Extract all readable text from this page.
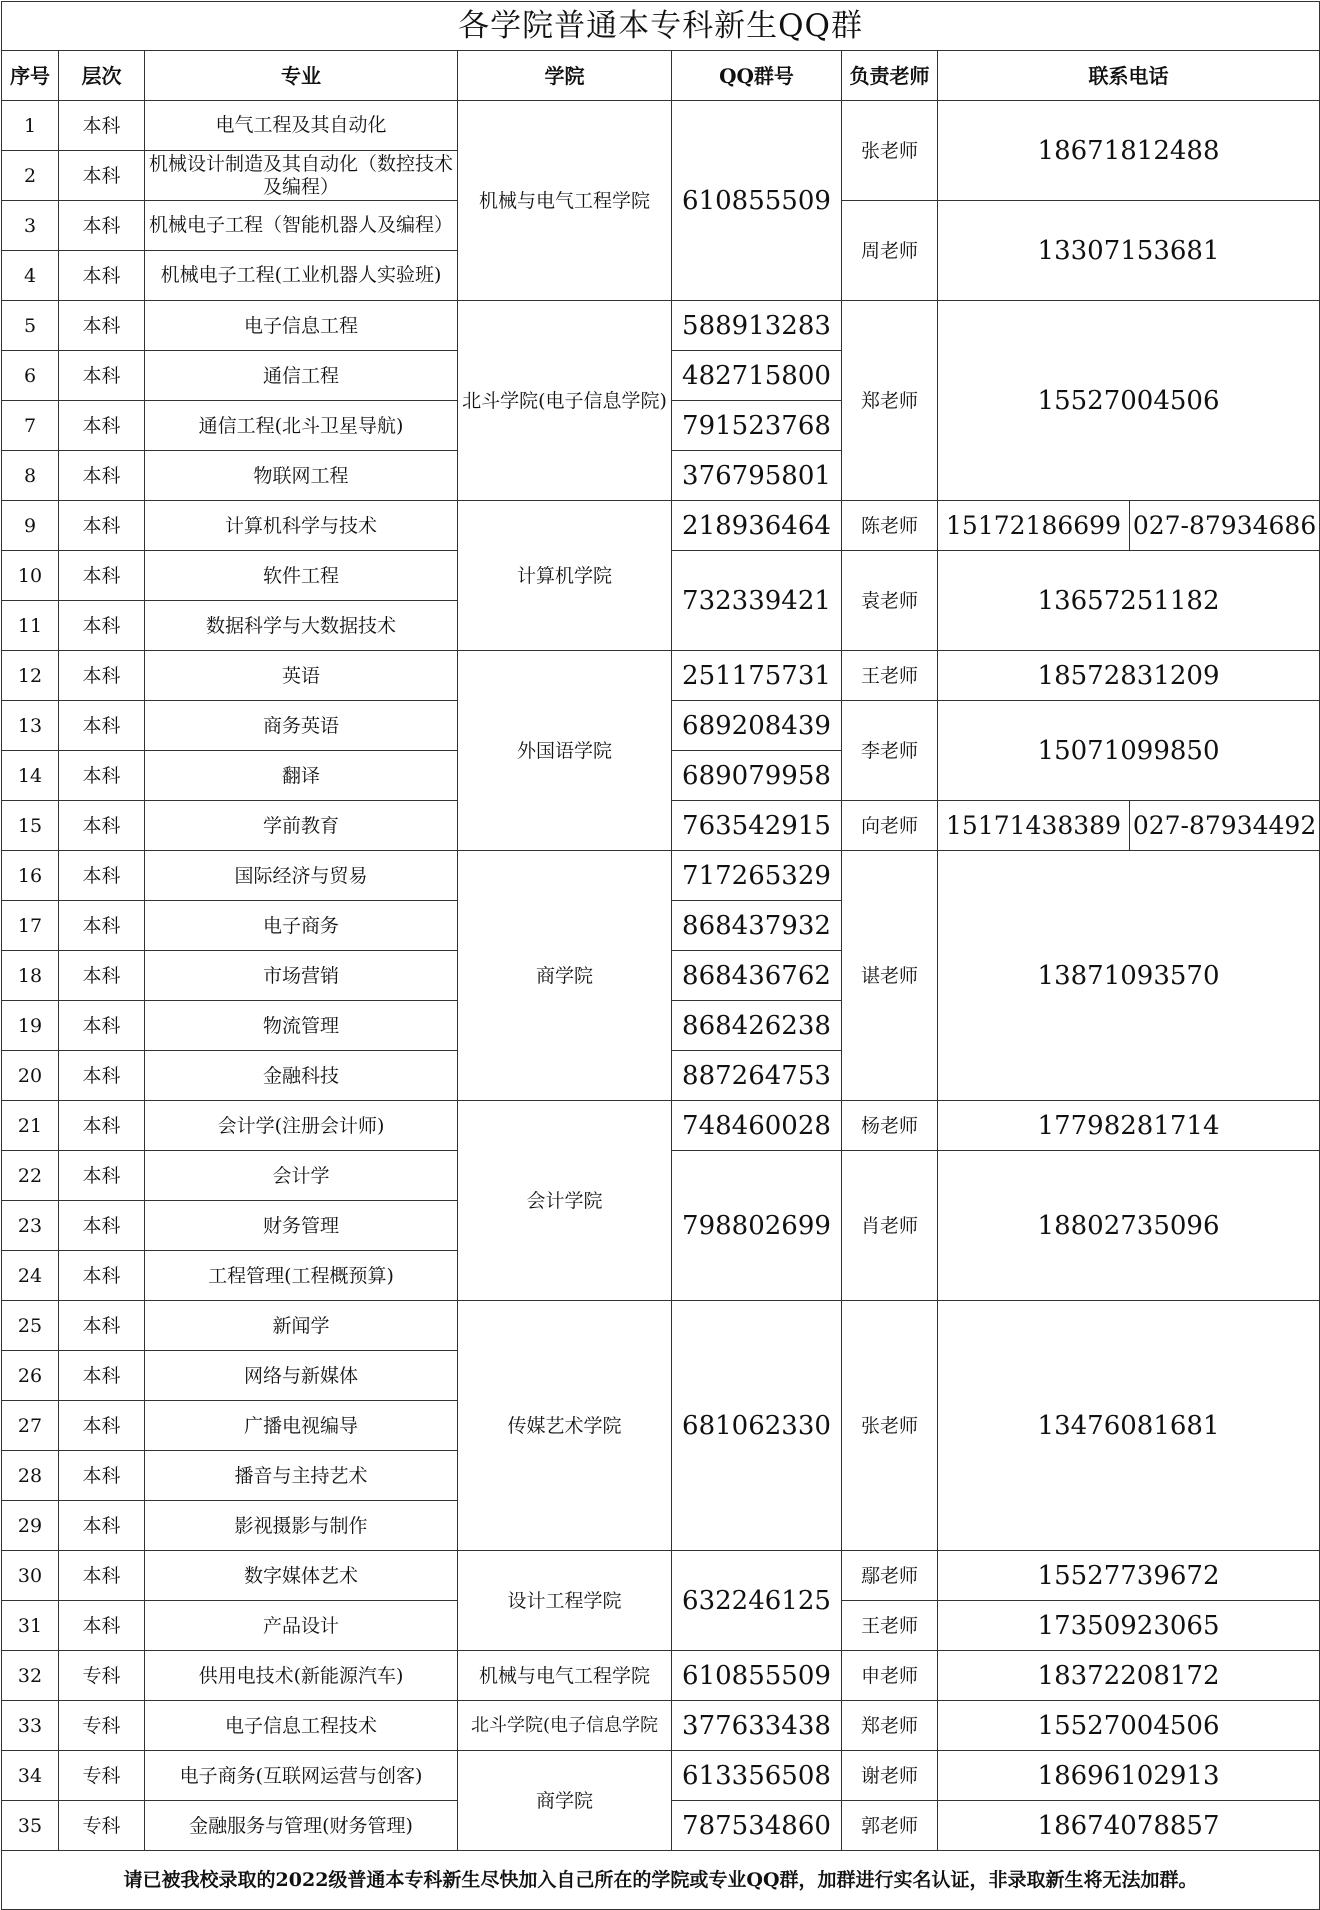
各学院普通本专科新生QQ群							
序号	层次	专业	学院	QQ群号	负责老师	联系电话	
1	本科	电气工程及其自动化	机械与电气工程学院	610855509	张老师	18671812488	
2	本科	机械设计制造及其自动化（数控技术及编程）					
3	本科	机械电子工程（智能机器人及编程）			周老师	13307153681	
4	本科	机械电子工程(工业机器人实验班)					
5	本科	电子信息工程	北斗学院(电子信息学院)	588913283	郑老师	15527004506	
6	本科	通信工程		482715800			
7	本科	通信工程(北斗卫星导航)		791523768			
8	本科	物联网工程		376795801			
9	本科	计算机科学与技术	计算机学院	218936464	陈老师	15172186699	027-87934686
10	本科	软件工程		732339421	袁老师	13657251182	
11	本科	数据科学与大数据技术					
12	本科	英语	外国语学院	251175731	王老师	18572831209	
13	本科	商务英语		689208439	李老师	15071099850	
14	本科	翻译		689079958			
15	本科	学前教育		763542915	向老师	15171438389	027-87934492
16	本科	国际经济与贸易	商学院	717265329	谌老师	13871093570	
17	本科	电子商务		868437932			
18	本科	市场营销		868436762			
19	本科	物流管理		868426238			
20	本科	金融科技		887264753			
21	本科	会计学(注册会计师)	会计学院	748460028	杨老师	17798281714	
22	本科	会计学		798802699	肖老师	18802735096	
23	本科	财务管理					
24	本科	工程管理(工程概预算)					
25	本科	新闻学	传媒艺术学院	681062330	张老师	13476081681	
26	本科	网络与新媒体					
27	本科	广播电视编导					
28	本科	播音与主持艺术					
29	本科	影视摄影与制作					
30	本科	数字媒体艺术	设计工程学院	632246125	鄢老师	15527739672	
31	本科	产品设计			王老师	17350923065	
32	专科	供用电技术(新能源汽车)	机械与电气工程学院	610855509	申老师	18372208172	
33	专科	电子信息工程技术	北斗学院(电子信息学院	377633438	郑老师	15527004506	
34	专科	电子商务(互联网运营与创客)	商学院	613356508	谢老师	18696102913	
35	专科	金融服务与管理(财务管理)		787534860	郭老师	18674078857	
请已被我校录取的2022级普通本专科新生尽快加入自己所在的学院或专业QQ群，加群进行实名认证，非录取新生将无法加群。							
